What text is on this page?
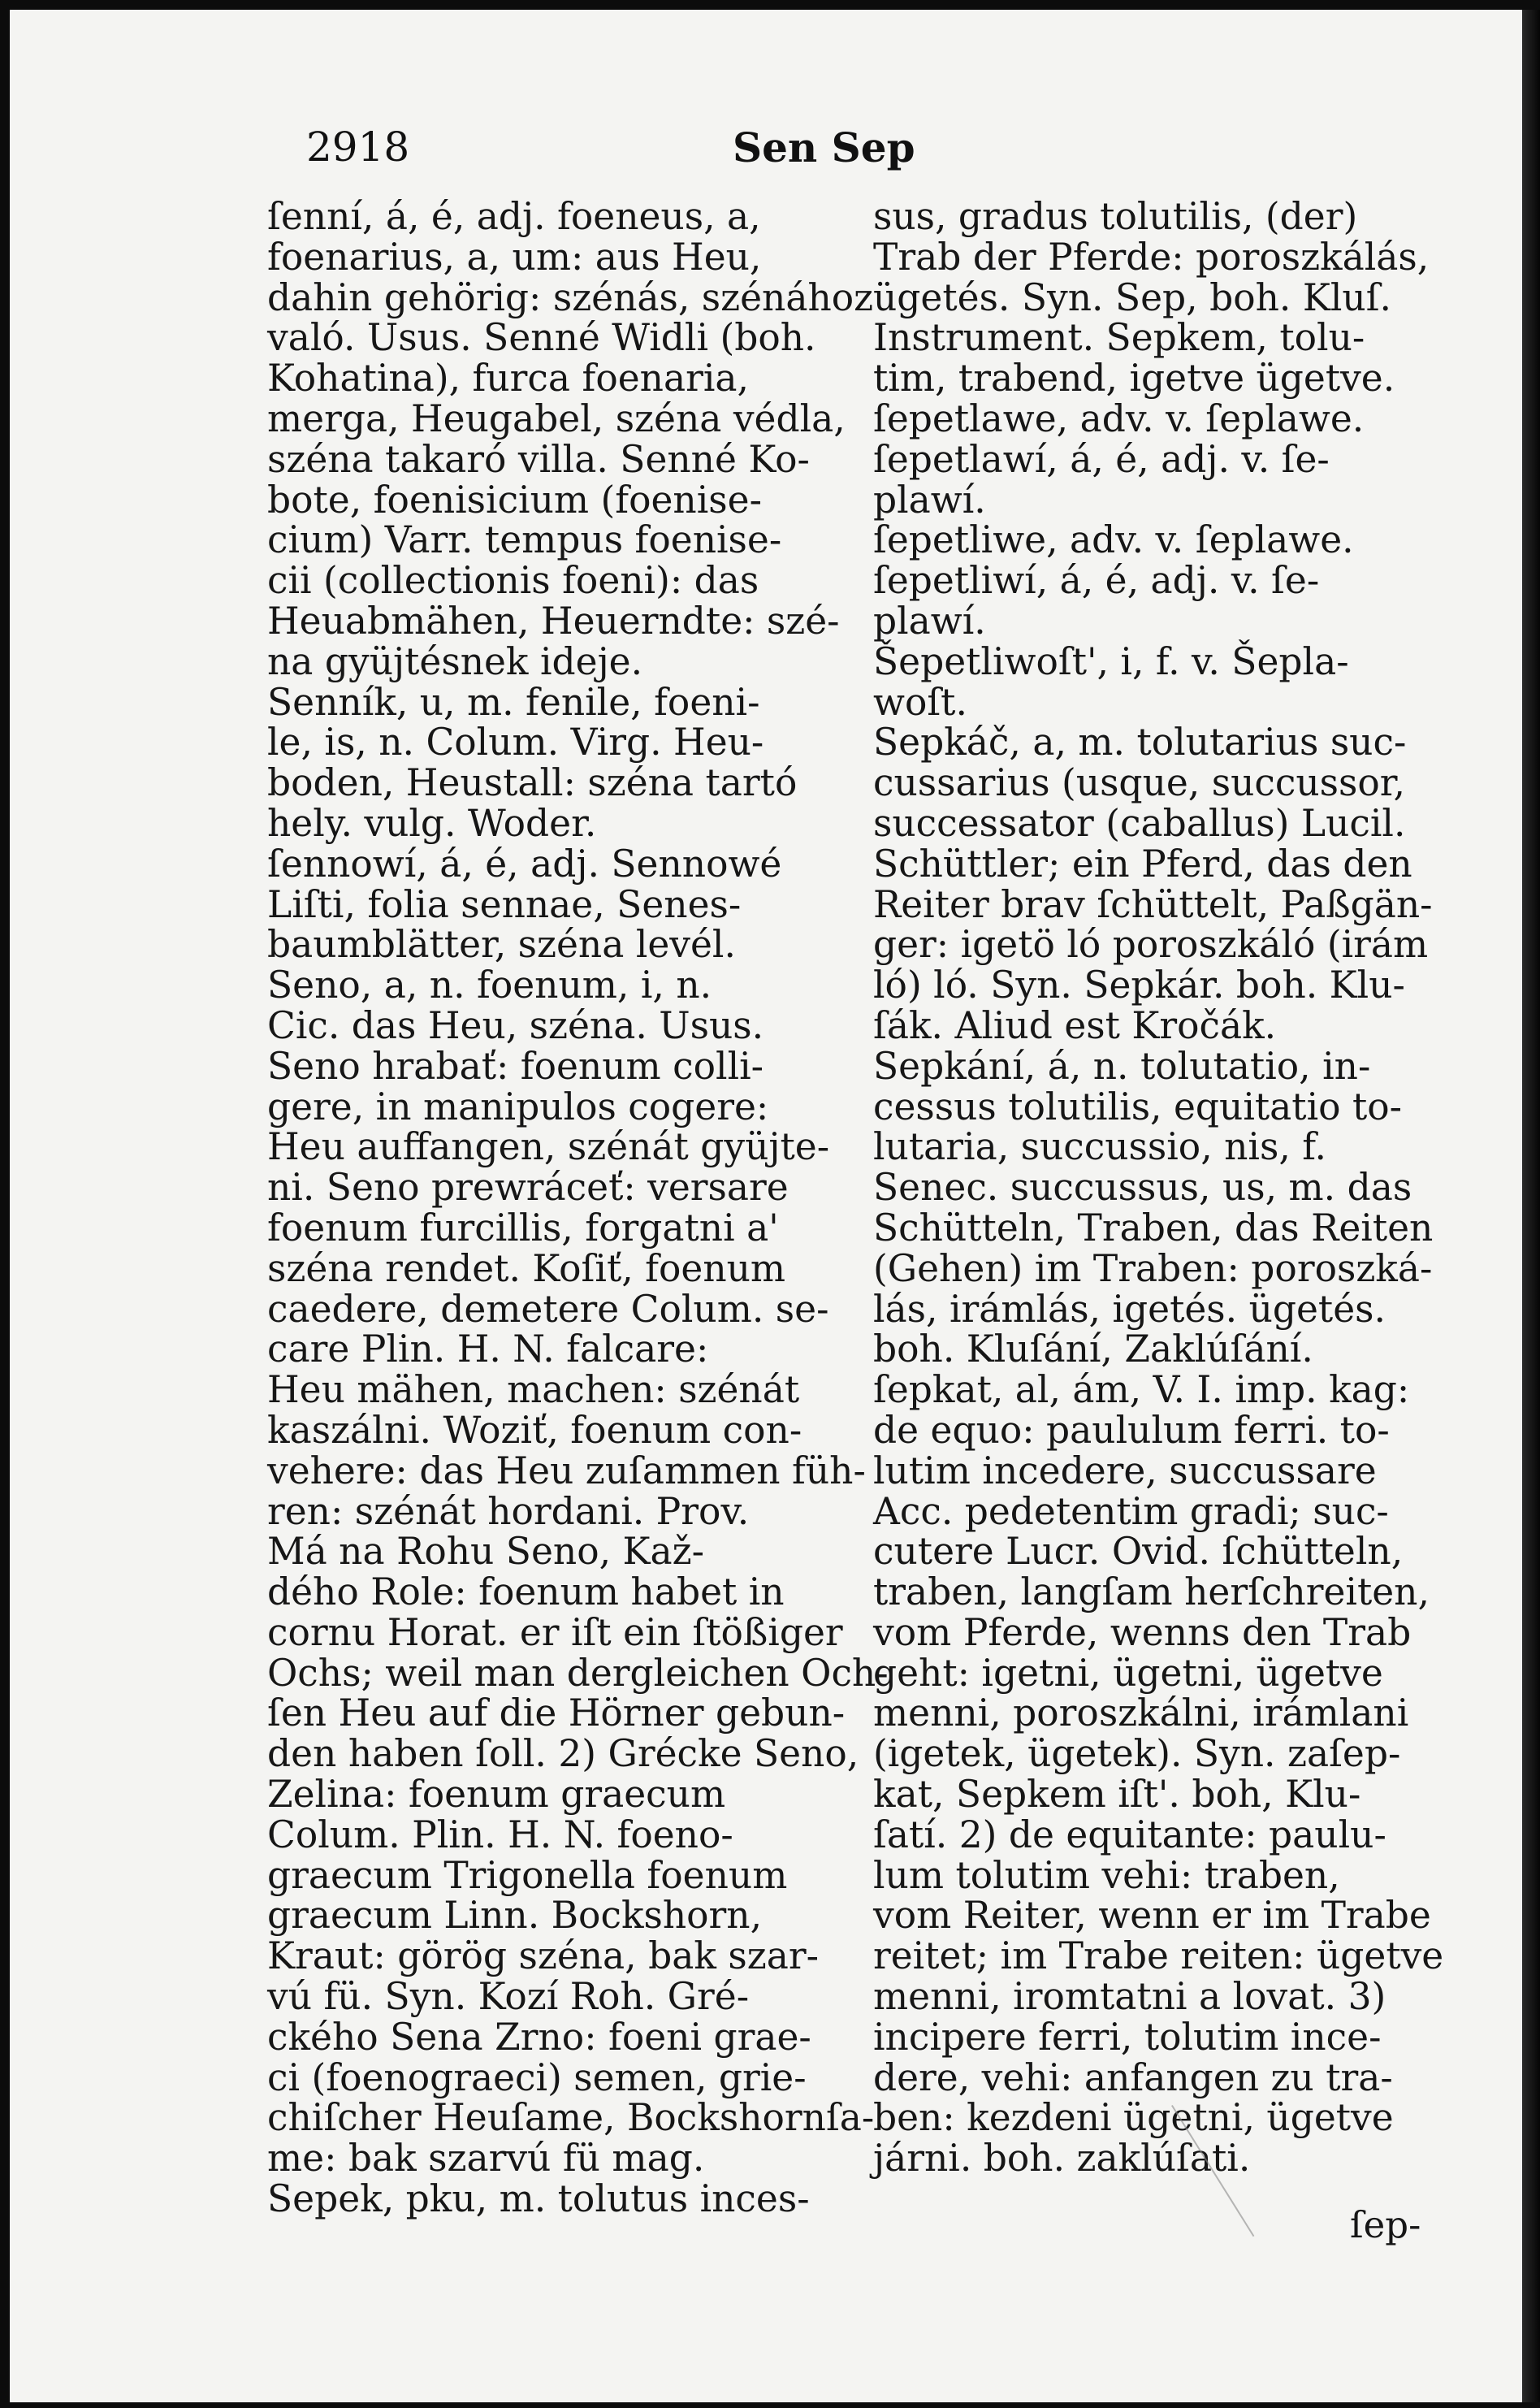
2918	Sen Sep
ſenní, á, é, adj. foeneus, a,
foenarius, a, um: aus Heu,
dahin gehörig: szénás, szénához
való. Usus. Senné Widli (boh.
Kohatina), furca foenaria,
merga, Heugabel, széna védla,
széna takaró villa. Senné Ko-
bote, foenisicium (foenise-
cium) Varr. tempus foenise-
cii (collectionis foeni): das
Heuabmähen, Heuerndte: szé-
na gyüjtésnek ideje.
Senník, u, m. fenile, foeni-
le, is, n. Colum. Virg. Heu-
boden, Heustall: széna tartó
hely. vulg. Woder.
ſennowí, á, é, adj. Sennowé
Liſti, folia sennae, Senes-
baumblätter, széna levél.
Seno, a, n. foenum, i, n.
Cic. das Heu, széna. Usus.
Seno hrabať: foenum colli-
gere, in manipulos cogere:
Heu auffangen, szénát gyüjte-
ni. Seno prewráceť: versare
foenum furcillis, forgatni a'
széna rendet. Koſiť, foenum
caedere, demetere Colum. se-
care Plin. H. N. falcare:
Heu mähen, machen: szénát
kaszálni. Woziť, foenum con-
vehere: das Heu zuſammen füh-
ren: szénát hordani. Prov.
Má na Rohu Seno, Kaž-
dého Role: foenum habet in
cornu Horat. er iſt ein ſtößiger
Ochs; weil man dergleichen Och-
ſen Heu auf die Hörner gebun-
den haben ſoll. 2) Grécke Seno,
Zelina: foenum graecum
Colum. Plin. H. N. foeno-
graecum Trigonella foenum
graecum Linn. Bockshorn,
Kraut: görög széna, bak szar-
vú fü. Syn. Kozí Roh. Gré-
ckého Sena Zrno: foeni grae-
ci (foenograeci) semen, grie-
chiſcher Heuſame, Bockshornſa-
me: bak szarvú fü mag.
Sepek, pku, m. tolutus inces-
sus, gradus tolutilis, (der)
Trab der Pferde: poroszkálás,
ügetés. Syn. Sep, boh. Kluſ.
Instrument. Sepkem, tolu-
tim, trabend, igetve ügetve.
ſepetlawe, adv. v. ſeplawe.
ſepetlawí, á, é, adj. v. ſe-
plawí.
ſepetliwe, adv. v. ſeplawe.
ſepetliwí, á, é, adj. v. ſe-
plawí.
Šepetliwoſt', i, f. v. Šepla-
woſt.
Sepkáč, a, m. tolutarius suc-
cussarius (usque, succussor,
successator (caballus) Lucil.
Schüttler; ein Pferd, das den
Reiter brav ſchüttelt, Paßgän-
ger: igetö ló poroszkáló (irám
ló) ló. Syn. Sepkár. boh. Klu-
ſák. Aliud est Kročák.
Sepkání, á, n. tolutatio, in-
cessus tolutilis, equitatio to-
lutaria, succussio, nis, f.
Senec. succussus, us, m. das
Schütteln, Traben, das Reiten
(Gehen) im Traben: poroszká-
lás, irámlás, igetés. ügetés.
boh. Kluſání, Zaklúſání.
ſepkat, al, ám, V. I. imp. kag:
de equo: paululum ferri. to-
lutim incedere, succussare
Acc. pedetentim gradi; suc-
cutere Lucr. Ovid. ſchütteln,
traben, langſam herſchreiten,
vom Pferde, wenns den Trab
geht: igetni, ügetni, ügetve
menni, poroszkálni, irámlani
(igetek, ügetek). Syn. zaſep-
kat, Sepkem iſt'. boh, Klu-
ſatí. 2) de equitante: paulu-
lum tolutim vehi: traben,
vom Reiter, wenn er im Trabe
reitet; im Trabe reiten: ügetve
menni, iromtatni a lovat. 3)
incipere ferri, tolutim ince-
dere, vehi: anfangen zu tra-
ben: kezdeni ügetni, ügetve
járni. boh. zaklúſati.
ſep-
